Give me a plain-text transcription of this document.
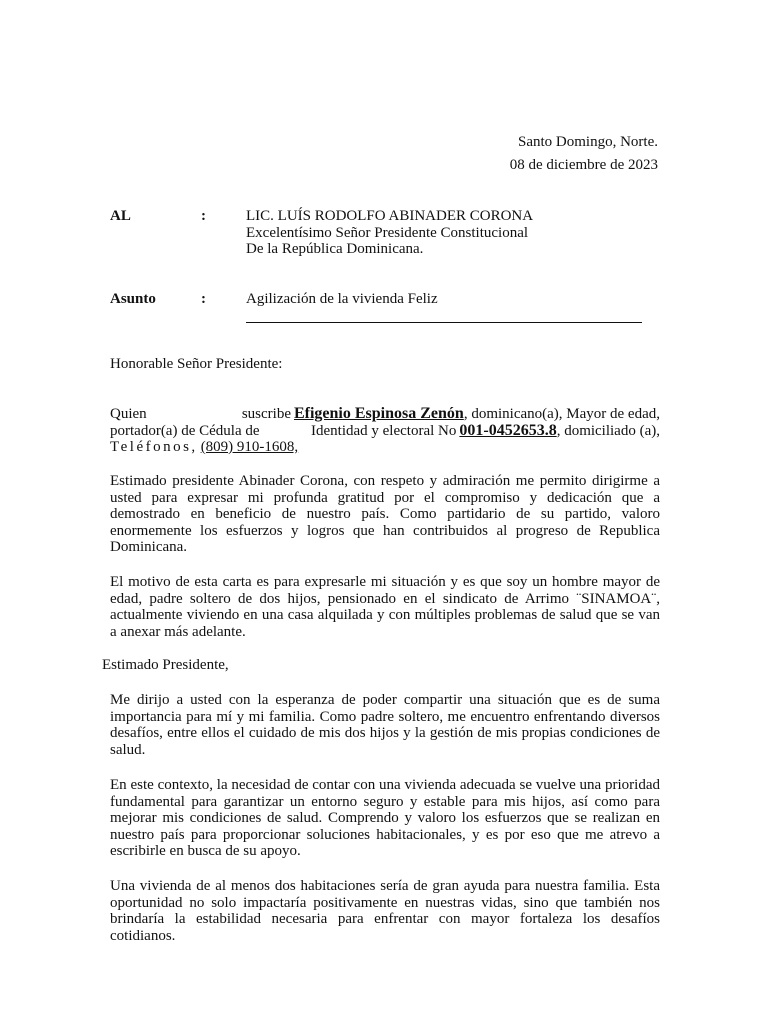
Santo Domingo, Norte.
08 de diciembre de 2023
AL	:	LIC. LUÍS RODOLFO ABINADER CORONA
Excelentísimo Señor Presidente Constitucional
De la República Dominicana.
Asunto	:	Agilización de la vivienda Feliz
Honorable Señor Presidente:
Quien	suscribe Efigenio Espinosa Zenón, dominicano(a), Mayor de edad,
portador(a) de Cédula de	Identidad y electoral No 001-0452653.8, domiciliado (a),
Teléfonos, (809) 910-1608,
Estimado presidente Abinader Corona, con respeto y admiración me permito dirigirme a usted para expresar mi profunda gratitud por el compromiso y dedicación que a demostrado en beneficio de nuestro país. Como partidario de su partido, valoro enormemente los esfuerzos y logros que han contribuidos al progreso de Republica Dominicana.
El motivo de esta carta es para expresarle mi situación y es que soy un hombre mayor de edad, padre soltero de dos hijos, pensionado en el sindicato de Arrimo ¨SINAMOA¨, actualmente viviendo en una casa alquilada y con múltiples problemas de salud que se van a anexar más adelante.
Estimado Presidente,
Me dirijo a usted con la esperanza de poder compartir una situación que es de suma importancia para mí y mi familia. Como padre soltero, me encuentro enfrentando diversos desafíos, entre ellos el cuidado de mis dos hijos y la gestión de mis propias condiciones de salud.
En este contexto, la necesidad de contar con una vivienda adecuada se vuelve una prioridad fundamental para garantizar un entorno seguro y estable para mis hijos, así como para mejorar mis condiciones de salud. Comprendo y valoro los esfuerzos que se realizan en nuestro país para proporcionar soluciones habitacionales, y es por eso que me atrevo a escribirle en busca de su apoyo.
Una vivienda de al menos dos habitaciones sería de gran ayuda para nuestra familia. Esta oportunidad no solo impactaría positivamente en nuestras vidas, sino que también nos brindaría la estabilidad necesaria para enfrentar con mayor fortaleza los desafíos cotidianos.
